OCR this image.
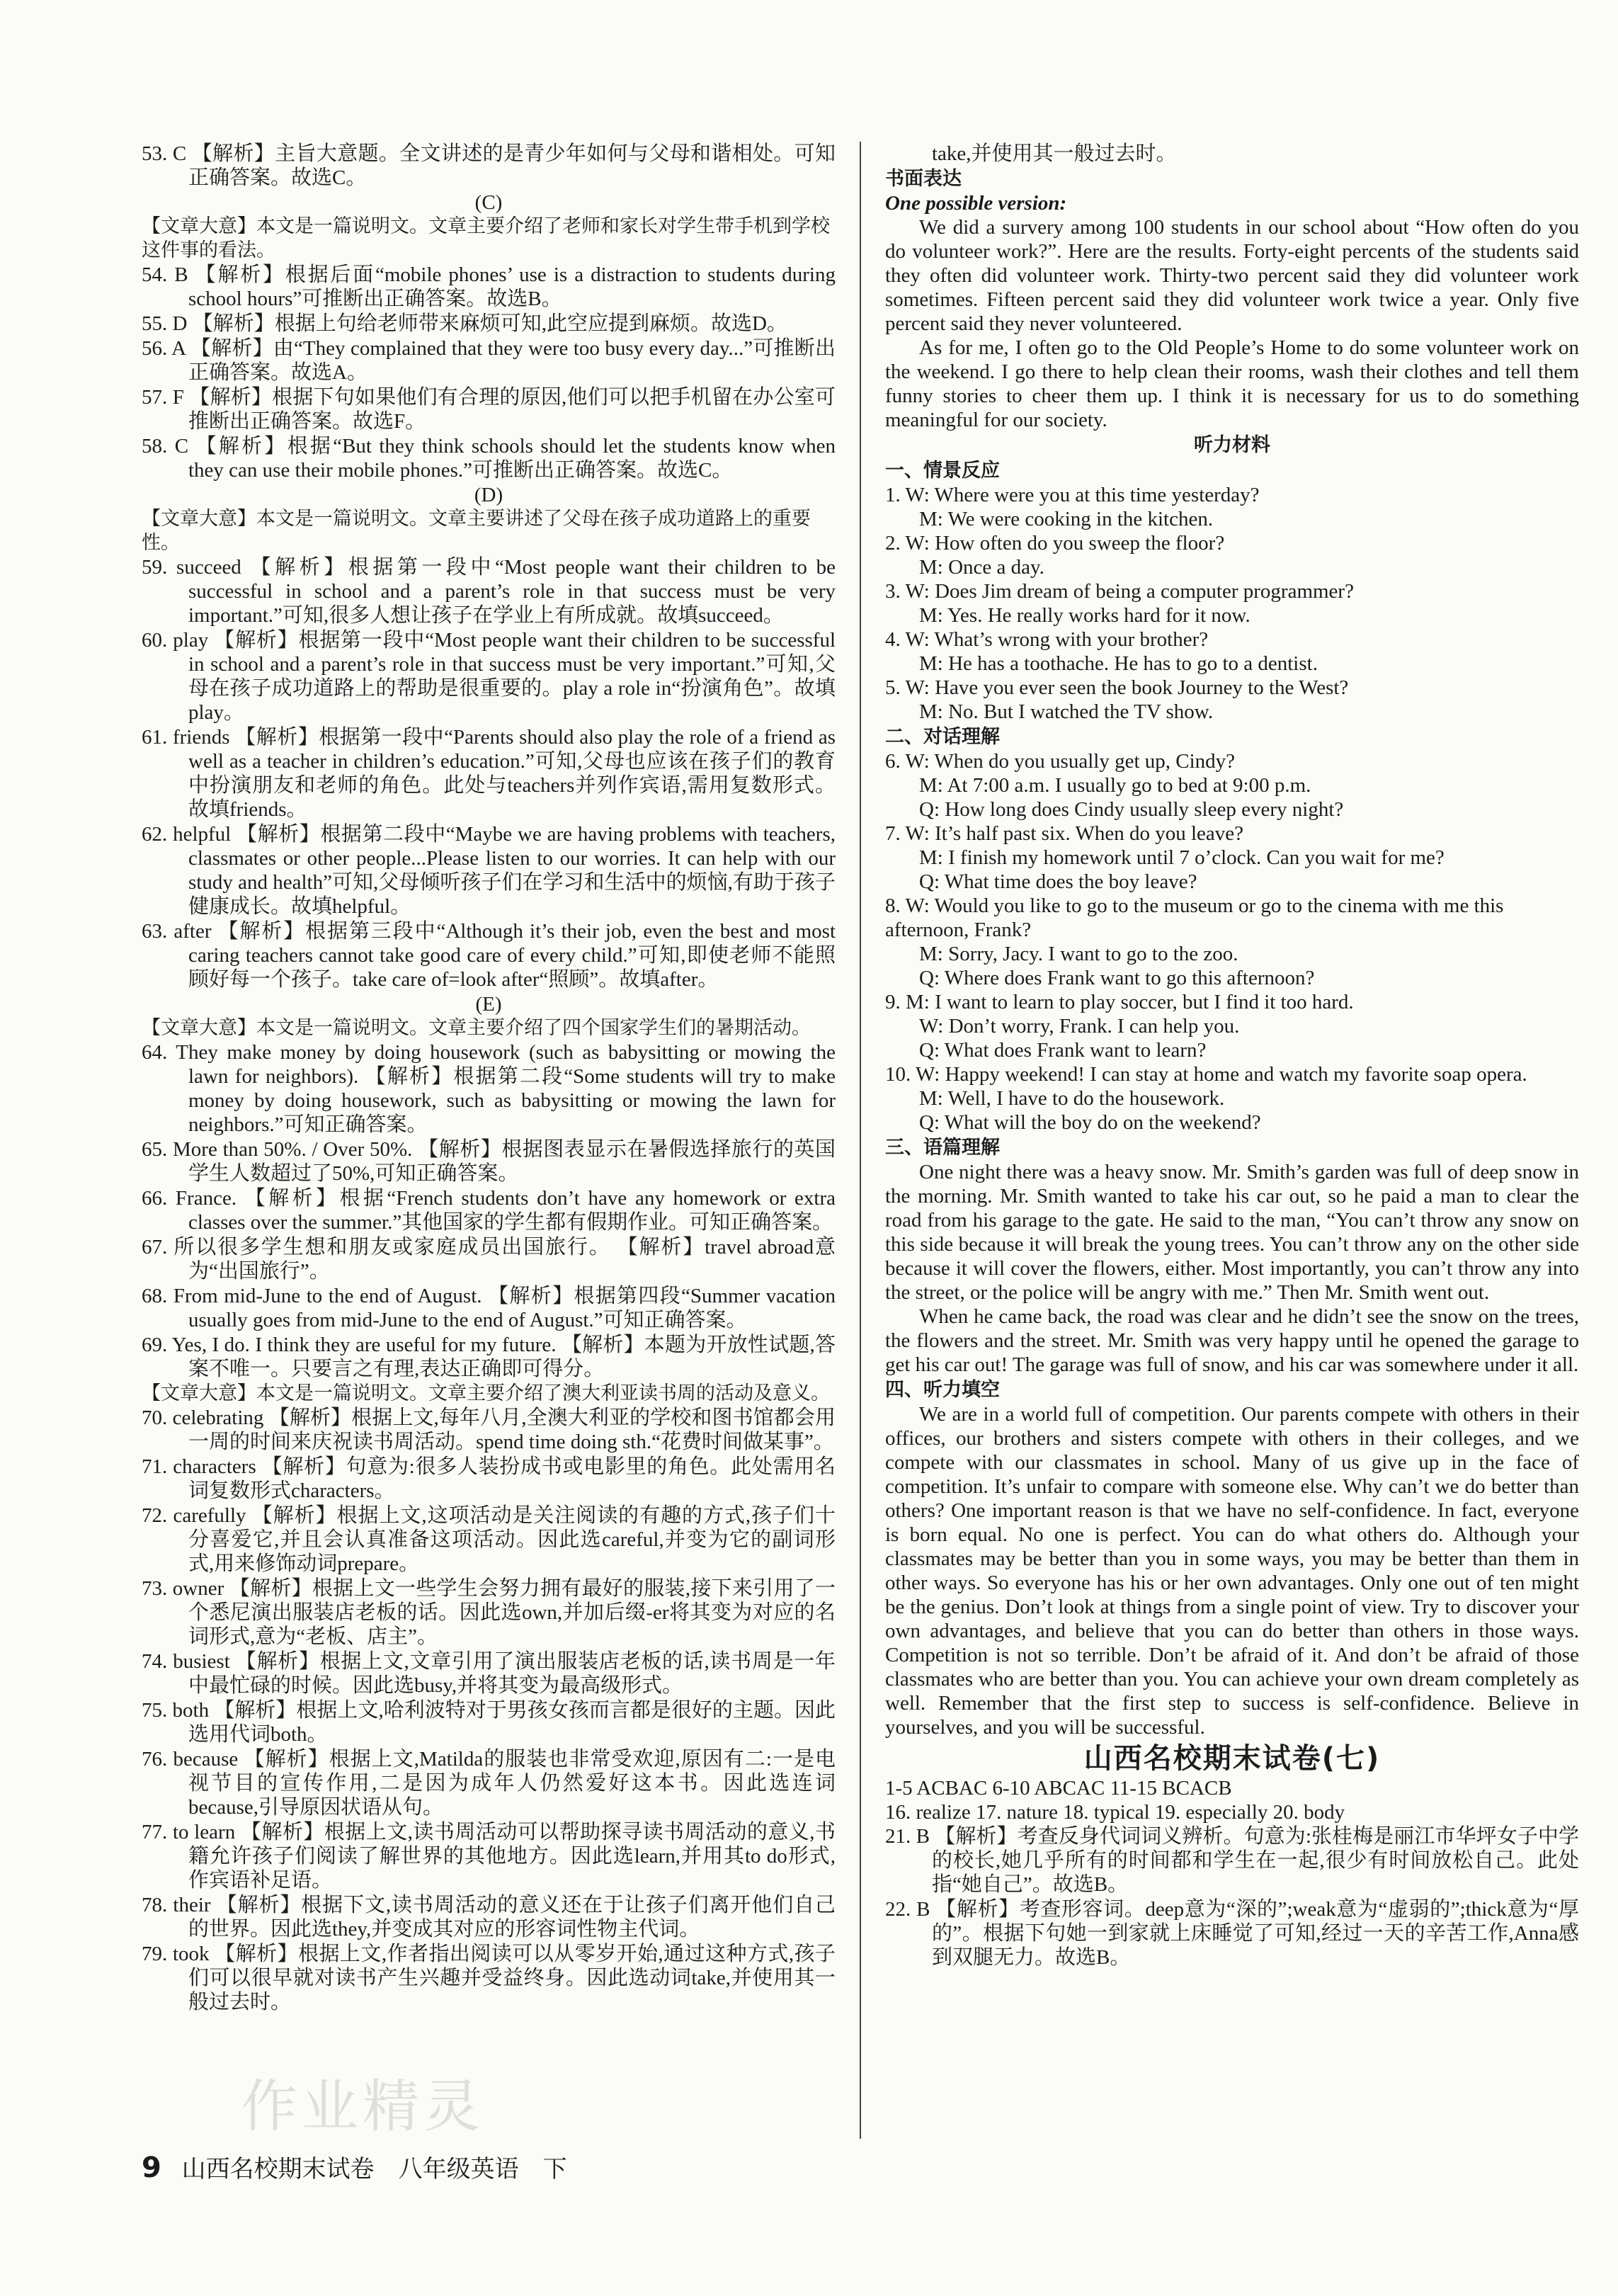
53. C 【解析】主旨大意题。全文讲述的是青少年如何与父母和谐相处。可知正确答案。故选C。

(C)

【文章大意】本文是一篇说明文。文章主要介绍了老师和家长对学生带手机到学校这件事的看法。

54. B 【解析】根据后面“mobile phones’ use is a distraction to students during school hours”可推断出正确答案。故选B。

55. D 【解析】根据上句给老师带来麻烦可知,此空应提到麻烦。故选D。

56. A 【解析】由“They complained that they were too busy every day...”可推断出正确答案。故选A。

57. F 【解析】根据下句如果他们有合理的原因,他们可以把手机留在办公室可推断出正确答案。故选F。

58. C 【解析】根据“But they think schools should let the students know when they can use their mobile phones.”可推断出正确答案。故选C。

(D)

【文章大意】本文是一篇说明文。文章主要讲述了父母在孩子成功道路上的重要性。

59. succeed 【解析】根据第一段中“Most people want their children to be successful in school and a parent’s role in that success must be very important.”可知,很多人想让孩子在学业上有所成就。故填succeed。

60. play 【解析】根据第一段中“Most people want their children to be successful in school and a parent’s role in that success must be very important.”可知,父母在孩子成功道路上的帮助是很重要的。play a role in“扮演角色”。故填play。

61. friends 【解析】根据第一段中“Parents should also play the role of a friend as well as a teacher in children’s education.”可知,父母也应该在孩子们的教育中扮演朋友和老师的角色。此处与teachers并列作宾语,需用复数形式。故填friends。

62. helpful 【解析】根据第二段中“Maybe we are having problems with teachers, classmates or other people...Please listen to our worries. It can help with our study and health”可知,父母倾听孩子们在学习和生活中的烦恼,有助于孩子健康成长。故填helpful。

63. after 【解析】根据第三段中“Although it’s their job, even the best and most caring teachers cannot take good care of every child.”可知,即使老师不能照顾好每一个孩子。take care of=look after“照顾”。故填after。

(E)

【文章大意】本文是一篇说明文。文章主要介绍了四个国家学生们的暑期活动。

64. They make money by doing housework (such as babysitting or mowing the lawn for neighbors). 【解析】根据第二段“Some students will try to make money by doing housework, such as babysitting or mowing the lawn for neighbors.”可知正确答案。

65. More than 50%. / Over 50%. 【解析】根据图表显示在暑假选择旅行的英国学生人数超过了50%,可知正确答案。

66. France. 【解析】根据“French students don’t have any homework or extra classes over the summer.”其他国家的学生都有假期作业。可知正确答案。

67. 所以很多学生想和朋友或家庭成员出国旅行。 【解析】travel abroad意为“出国旅行”。

68. From mid-June to the end of August. 【解析】根据第四段“Summer vacation usually goes from mid-June to the end of August.”可知正确答案。

69. Yes, I do. I think they are useful for my future. 【解析】本题为开放性试题,答案不唯一。只要言之有理,表达正确即可得分。

【文章大意】本文是一篇说明文。文章主要介绍了澳大利亚读书周的活动及意义。

70. celebrating 【解析】根据上文,每年八月,全澳大利亚的学校和图书馆都会用一周的时间来庆祝读书周活动。spend time doing sth.“花费时间做某事”。

71. characters 【解析】句意为:很多人装扮成书或电影里的角色。此处需用名词复数形式characters。

72. carefully 【解析】根据上文,这项活动是关注阅读的有趣的方式,孩子们十分喜爱它,并且会认真准备这项活动。因此选careful,并变为它的副词形式,用来修饰动词prepare。

73. owner 【解析】根据上文一些学生会努力拥有最好的服装,接下来引用了一个悉尼演出服装店老板的话。因此选own,并加后缀-er将其变为对应的名词形式,意为“老板、店主”。

74. busiest 【解析】根据上文,文章引用了演出服装店老板的话,读书周是一年中最忙碌的时候。因此选busy,并将其变为最高级形式。

75. both 【解析】根据上文,哈利波特对于男孩女孩而言都是很好的主题。因此选用代词both。

76. because 【解析】根据上文,Matilda的服装也非常受欢迎,原因有二:一是电视节目的宣传作用,二是因为成年人仍然爱好这本书。因此选连词because,引导原因状语从句。

77. to learn 【解析】根据上文,读书周活动可以帮助探寻读书周活动的意义,书籍允许孩子们阅读了解世界的其他地方。因此选learn,并用其to do形式,作宾语补足语。

78. their 【解析】根据下文,读书周活动的意义还在于让孩子们离开他们自己的世界。因此选they,并变成其对应的形容词性物主代词。

79. took 【解析】根据上文,作者指出阅读可以从零岁开始,通过这种方式,孩子们可以很早就对读书产生兴趣并受益终身。因此选动词take,并使用其一般过去时。

take,并使用其一般过去时。

书面表达

One possible version:

We did a survery among 100 students in our school about “How often do you do volunteer work?”. Here are the results. Forty-eight percents of the students said they often did volunteer work. Thirty-two percent said they did volunteer work sometimes. Fifteen percent said they did volunteer work twice a year. Only five percent said they never volunteered.

As for me, I often go to the Old People’s Home to do some volunteer work on the weekend. I go there to help clean their rooms, wash their clothes and tell them funny stories to cheer them up. I think it is necessary for us to do something meaningful for our society.

听力材料

一、情景反应

1. W: Where were you at this time yesterday?

M: We were cooking in the kitchen.

2. W: How often do you sweep the floor?

M: Once a day.

3. W: Does Jim dream of being a computer programmer?

M: Yes. He really works hard for it now.

4. W: What’s wrong with your brother?

M: He has a toothache. He has to go to a dentist.

5. W: Have you ever seen the book Journey to the West?

M: No. But I watched the TV show.

二、对话理解

6. W: When do you usually get up, Cindy?

M: At 7:00 a.m. I usually go to bed at 9:00 p.m.

Q: How long does Cindy usually sleep every night?

7. W: It’s half past six. When do you leave?

M: I finish my homework until 7 o’clock. Can you wait for me?

Q: What time does the boy leave?

8. W: Would you like to go to the museum or go to the cinema with me this afternoon, Frank?

M: Sorry, Jacy. I want to go to the zoo.

Q: Where does Frank want to go this afternoon?

9. M: I want to learn to play soccer, but I find it too hard.

W: Don’t worry, Frank. I can help you.

Q: What does Frank want to learn?

10. W: Happy weekend! I can stay at home and watch my favorite soap opera.

M: Well, I have to do the housework.

Q: What will the boy do on the weekend?

三、语篇理解

One night there was a heavy snow. Mr. Smith’s garden was full of deep snow in the morning. Mr. Smith wanted to take his car out, so he paid a man to clear the road from his garage to the gate. He said to the man, “You can’t throw any snow on this side because it will break the young trees. You can’t throw any on the other side because it will cover the flowers, either. Most importantly, you can’t throw any into the street, or the police will be angry with me.” Then Mr. Smith went out.

When he came back, the road was clear and he didn’t see the snow on the trees, the flowers and the street. Mr. Smith was very happy until he opened the garage to get his car out! The garage was full of snow, and his car was somewhere under it all.

四、听力填空

We are in a world full of competition. Our parents compete with others in their offices, our brothers and sisters compete with others in their colleges, and we compete with our classmates in school. Many of us give up in the face of competition. It’s unfair to compare with someone else. Why can’t we do better than others? One important reason is that we have no self-confidence. In fact, everyone is born equal. No one is perfect. You can do what others do. Although your classmates may be better than you in some ways, you may be better than them in other ways. So everyone has his or her own advantages. Only one out of ten might be the genius. Don’t look at things from a single point of view. Try to discover your own advantages, and believe that you can do better than others in those ways. Competition is not so terrible. Don’t be afraid of it. And don’t be afraid of those classmates who are better than you. You can achieve your own dream completely as well. Remember that the first step to success is self-confidence. Believe in yourselves, and you will be successful.

山西名校期末试卷(七)

1-5 ACBAC 6-10 ABCAC 11-15 BCACB

16. realize 17. nature 18. typical 19. especially 20. body

21. B 【解析】考查反身代词词义辨析。句意为:张桂梅是丽江市华坪女子中学的校长,她几乎所有的时间都和学生在一起,很少有时间放松自己。此处指“她自己”。故选B。

22. B 【解析】考查形容词。deep意为“深的”;weak意为“虚弱的”;thick意为“厚的”。根据下句她一到家就上床睡觉了可知,经过一天的辛苦工作,Anna感到双腿无力。故选B。

作业精灵
9 山西名校期末试卷　八年级英语　下
